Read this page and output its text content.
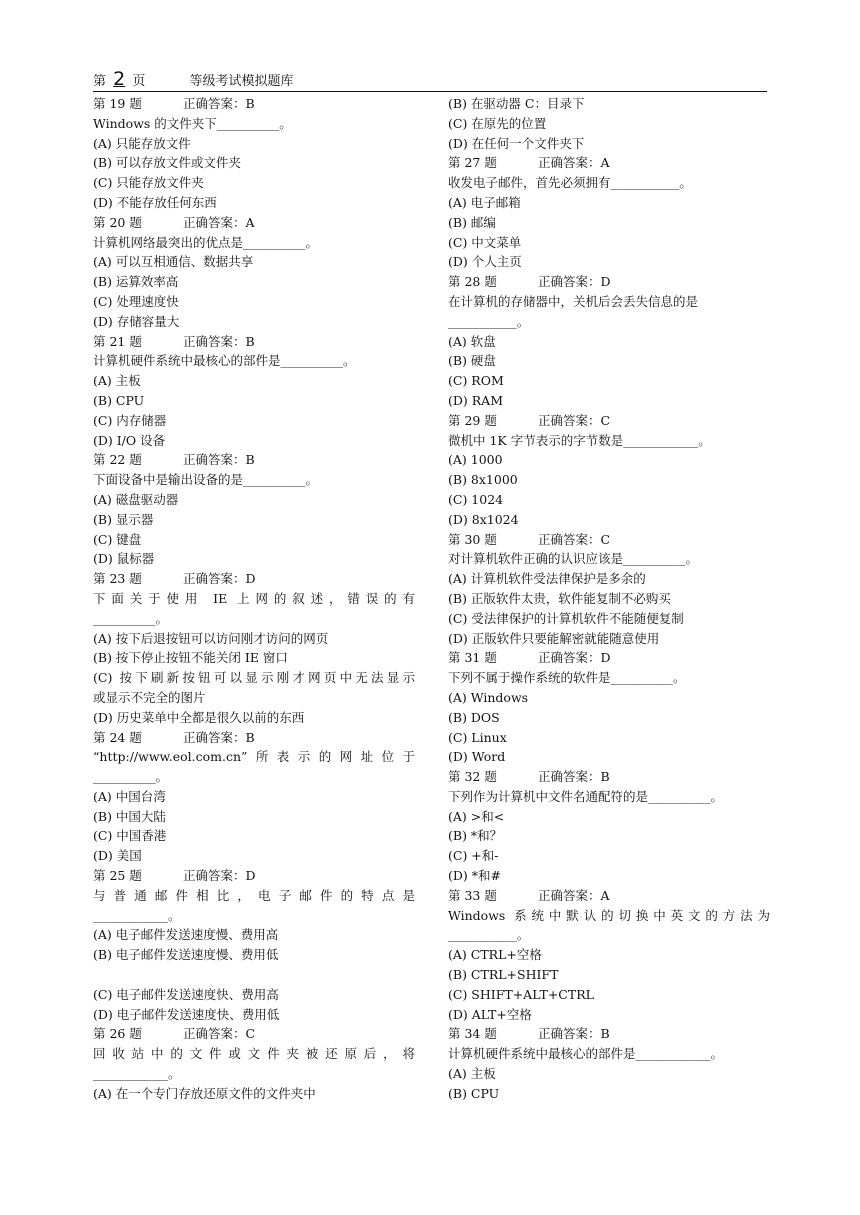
第 2 页	等级考试模拟题库
第 19 题	正确答案：B
Windows 的文件夹下__________。
(A) 只能存放文件
(B) 可以存放文件或文件夹
(C) 只能存放文件夹
(D) 不能存放任何东西
第 20 题	正确答案：A
计算机网络最突出的优点是__________。
(A) 可以互相通信、数据共享
(B) 运算效率高
(C) 处理速度快
(D) 存储容量大
第 21 题	正确答案：B
计算机硬件系统中最核心的部件是__________。
(A) 主板
(B) CPU
(C) 内存储器
(D) I/O 设备
第 22 题	正确答案：B
下面设备中是输出设备的是__________。
(A) 磁盘驱动器
(B) 显示器
(C) 键盘
(D) 鼠标器
第 23 题	正确答案：D
下面关于使用 IE 上网的叙述，错误的有
__________。
(A) 按下后退按钮可以访问刚才访问的网页
(B) 按下停止按钮不能关闭 IE 窗口
(C) 按下刷新按钮可以显示刚才网页中无法显示
或显示不完全的图片
(D) 历史菜单中全都是很久以前的东西
第 24 题	正确答案：B
“http://www.eol.com.cn”所表示的网址位于
__________。
(A) 中国台湾
(B) 中国大陆
(C) 中国香港
(D) 美国
第 25 题	正确答案：D
与普通邮件相比，电子邮件的特点是
____________。
(A) 电子邮件发送速度慢、费用高
(B) 电子邮件发送速度慢、费用低
(C) 电子邮件发送速度快、费用高
(D) 电子邮件发送速度快、费用低
第 26 题	正确答案：C
回收站中的文件或文件夹被还原后，将
____________。
(A) 在一个专门存放还原文件的文件夹中
(B) 在驱动器 C：目录下
(C) 在原先的位置
(D) 在任何一个文件夹下
第 27 题	正确答案：A
收发电子邮件，首先必须拥有___________。
(A) 电子邮箱
(B) 邮编
(C) 中文菜单
(D) 个人主页
第 28 题	正确答案：D
在计算机的存储器中，关机后会丢失信息的是
___________。
(A) 软盘
(B) 硬盘
(C) ROM
(D) RAM
第 29 题	正确答案：C
微机中 1K 字节表示的字节数是____________。
(A) 1000
(B) 8x1000
(C) 1024
(D) 8x1024
第 30 题	正确答案：C
对计算机软件正确的认识应该是__________。
(A) 计算机软件受法律保护是多余的
(B) 正版软件太贵，软件能复制不必购买
(C) 受法律保护的计算机软件不能随便复制
(D) 正版软件只要能解密就能随意使用
第 31 题	正确答案：D
下列不属于操作系统的软件是__________。
(A) Windows
(B) DOS
(C) Linux
(D) Word
第 32 题	正确答案：B
下列作为计算机中文件名通配符的是__________。
(A) >和<
(B) *和？
(C) +和-
(D) *和#
第 33 题	正确答案：A
Windows 系统中默认的切换中英文的方法为
___________。
(A) CTRL+空格
(B) CTRL+SHIFT
(C) SHIFT+ALT+CTRL
(D) ALT+空格
第 34 题	正确答案：B
计算机硬件系统中最核心的部件是____________。
(A) 主板
(B) CPU
